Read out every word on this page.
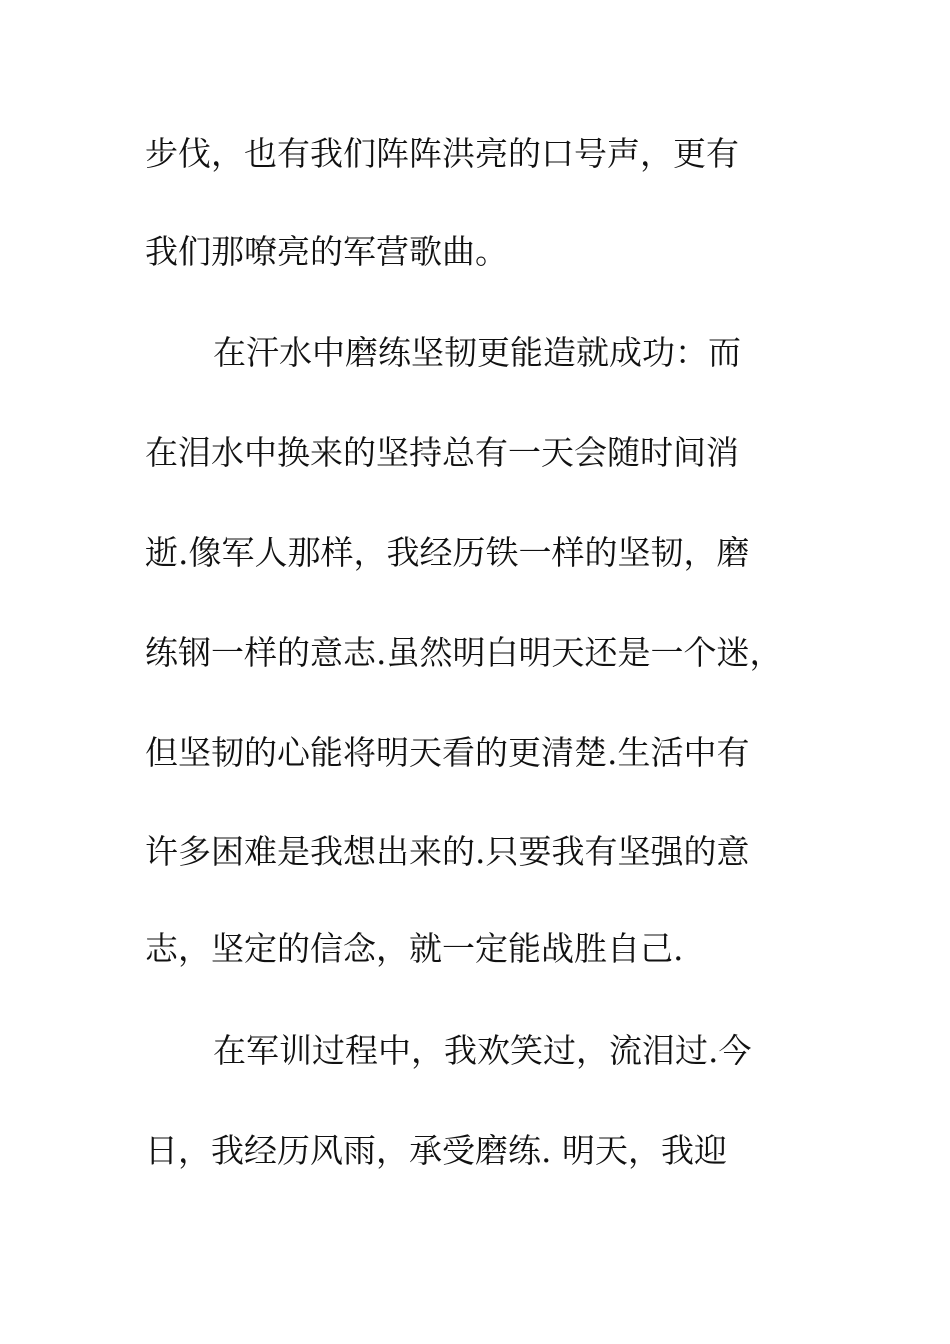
步伐，也有我们阵阵洪亮的口号声，更有
我们那嘹亮的军营歌曲。
在汗水中磨练坚韧更能造就成功：而
在泪水中换来的坚持总有一天会随时间消
逝.像军人那样，我经历铁一样的坚韧，磨
练钢一样的意志.虽然明白明天还是一个迷，
但坚韧的心能将明天看的更清楚.生活中有
许多困难是我想出来的.只要我有坚强的意
志，坚定的信念，就一定能战胜自己.
在军训过程中，我欢笑过，流泪过.今
日，我经历风雨，承受磨练. 明天，我迎
